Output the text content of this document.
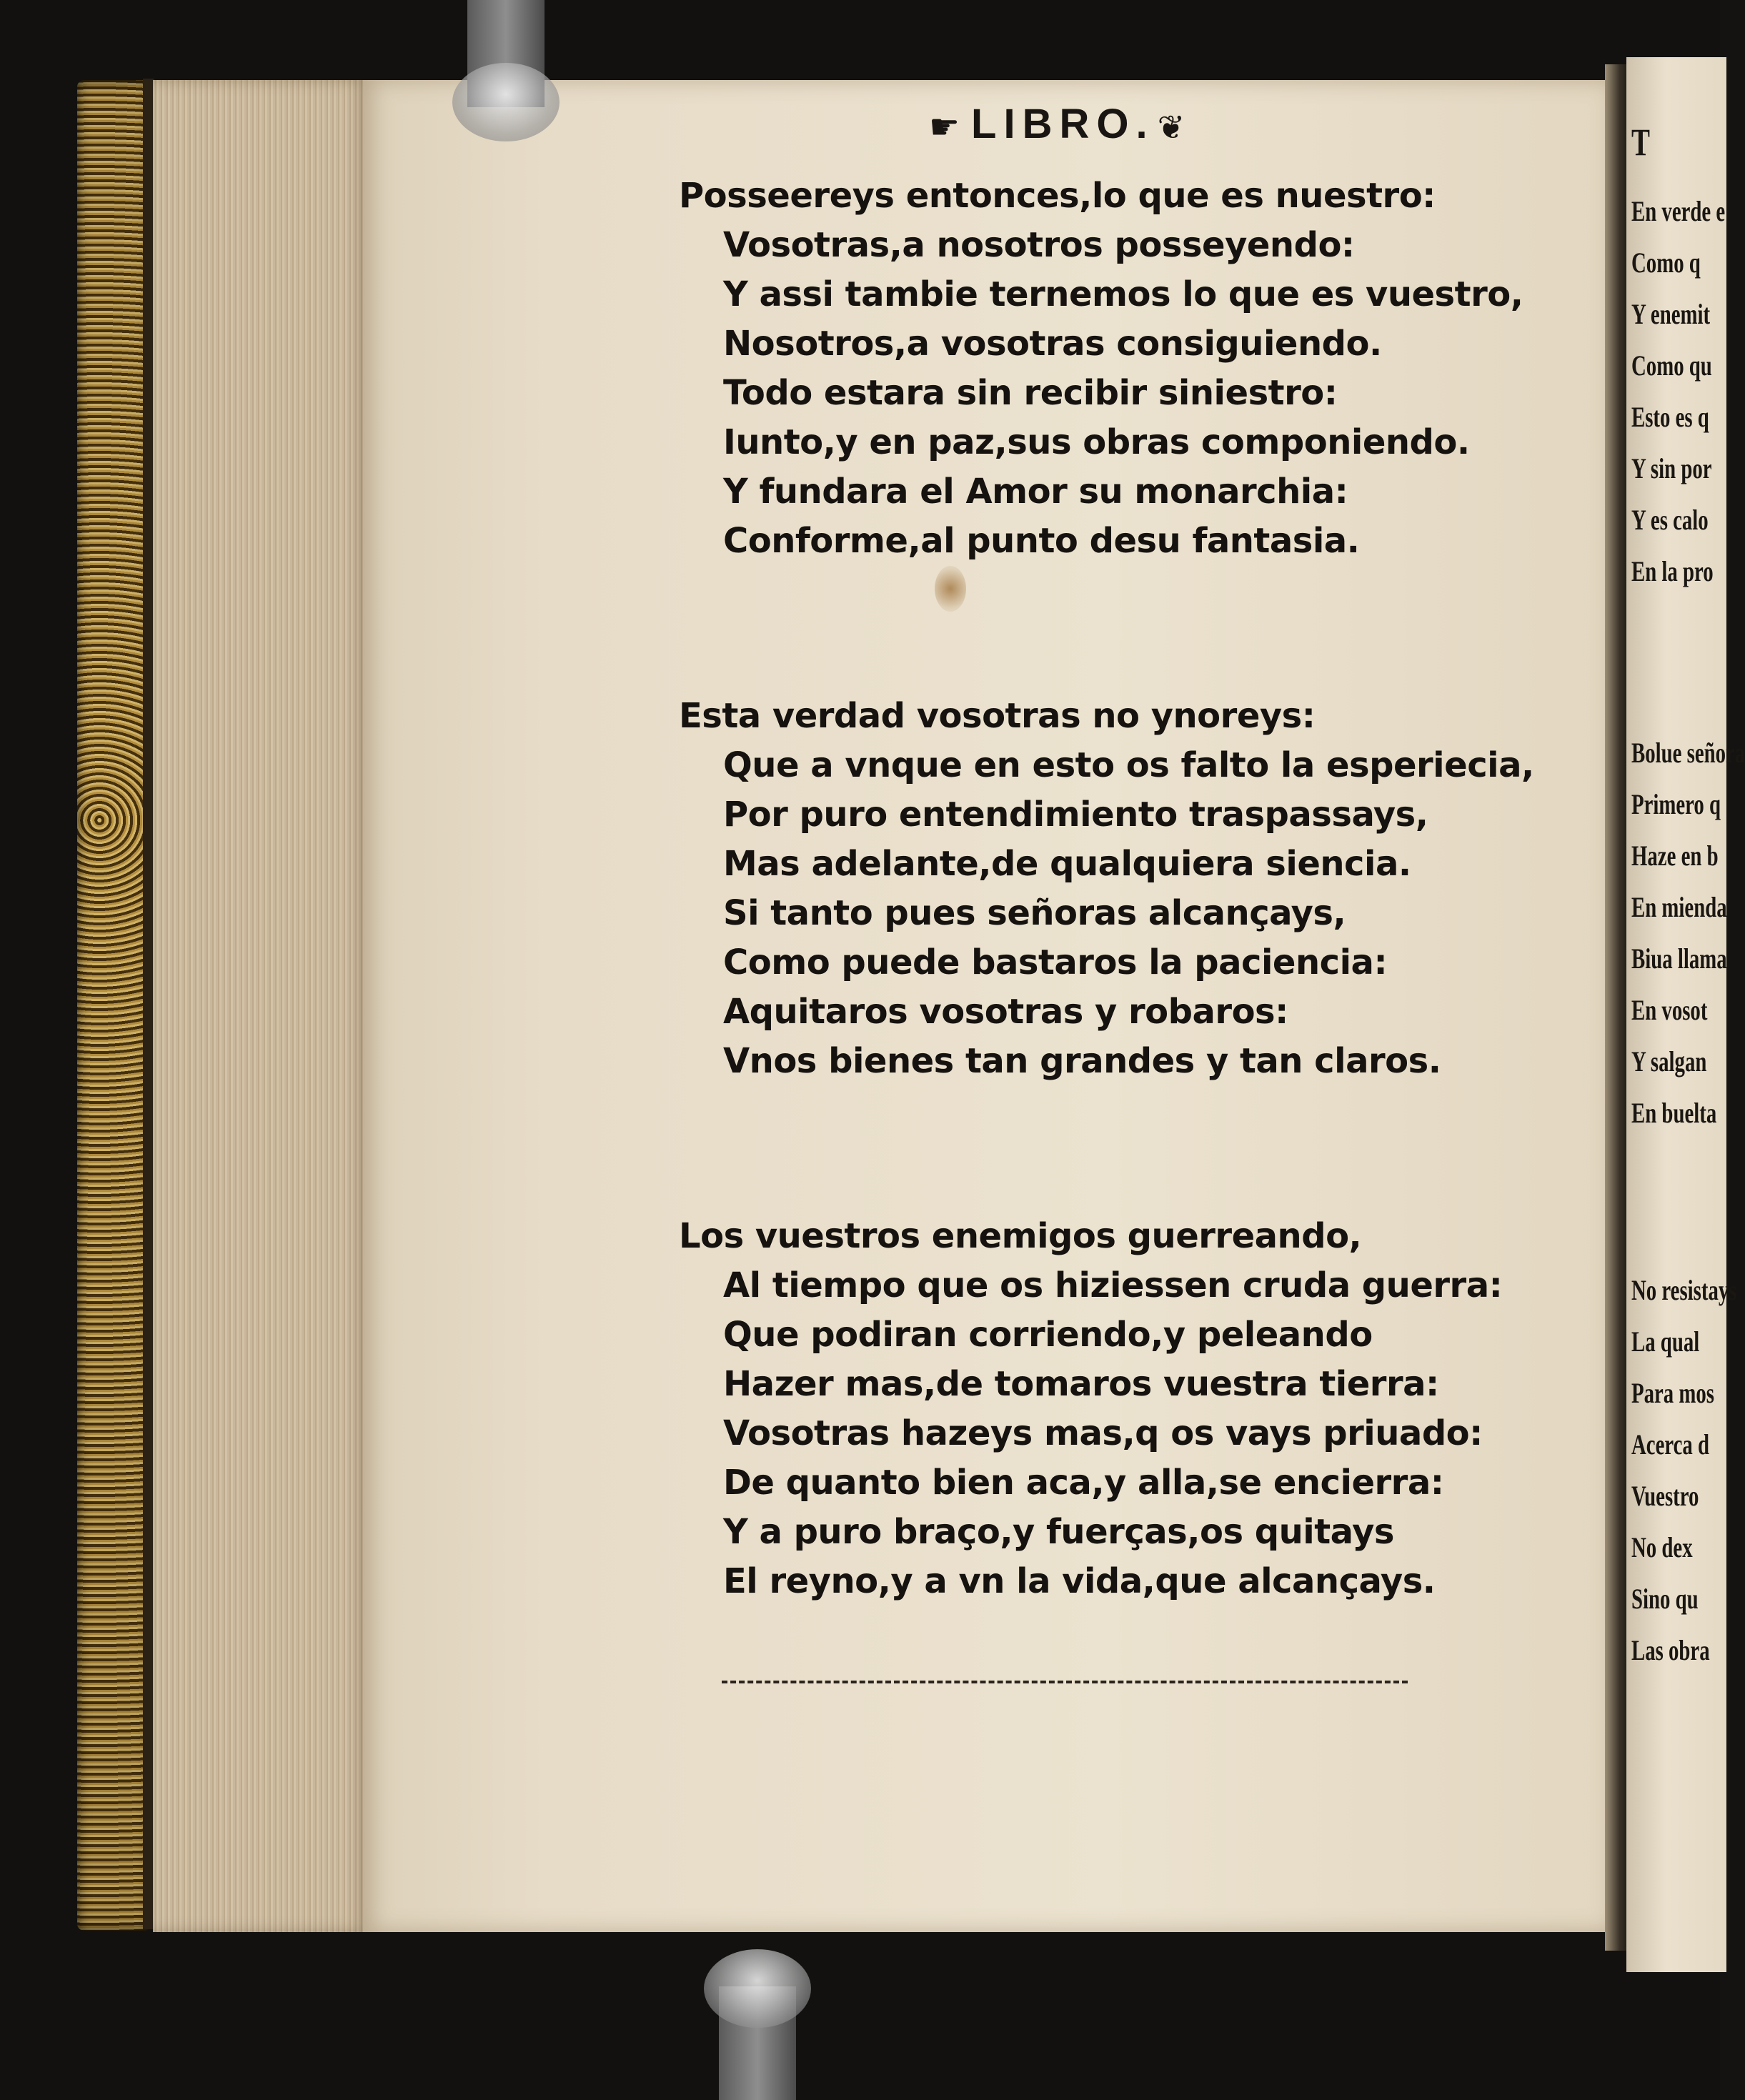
☛ LIBRO.❦
Posseereys entonces,lo que es nuestro:
Vosotras,a nosotros posseyendo:
Y assi tambie ternemos lo que es vuestro,
Nosotros,a vosotras consiguiendo.
Todo estara sin recibir siniestro:
Iunto,y en paz,sus obras componiendo.
Y fundara el Amor su monarchia:
Conforme,al punto desu fantasia.
Esta verdad vosotras no ynoreys:
Que a vnque en esto os falto la esperiecia,
Por puro entendimiento traspassays,
Mas adelante,de qualquiera siencia.
Si tanto pues señoras alcançays,
Como puede bastaros la paciencia:
Aquitaros vosotras y robaros:
Vnos bienes tan grandes y tan claros.
Los vuestros enemigos guerreando,
Al tiempo que os hiziessen cruda guerra:
Que podiran corriendo,y peleando
Hazer mas,de tomaros vuestra tierra:
Vosotras hazeys mas,q os vays priuado:
De quanto bien aca,y alla,se encierra:
Y a puro braço,y fuerças,os quitays
El reyno,y a vn la vida,que alcançays.
T
En verde e
Como q
Y enemit
Como qu
Esto es q
Y sin por
Y es calo
En la pro
Bolue señora
Primero q
Haze en b
En mienda
Biua llama
En vosot
Y salgan
En buelta
No resistays
La qual
Para mos
Acerca d
Vuestro
No dex
Sino qu
Las obra
